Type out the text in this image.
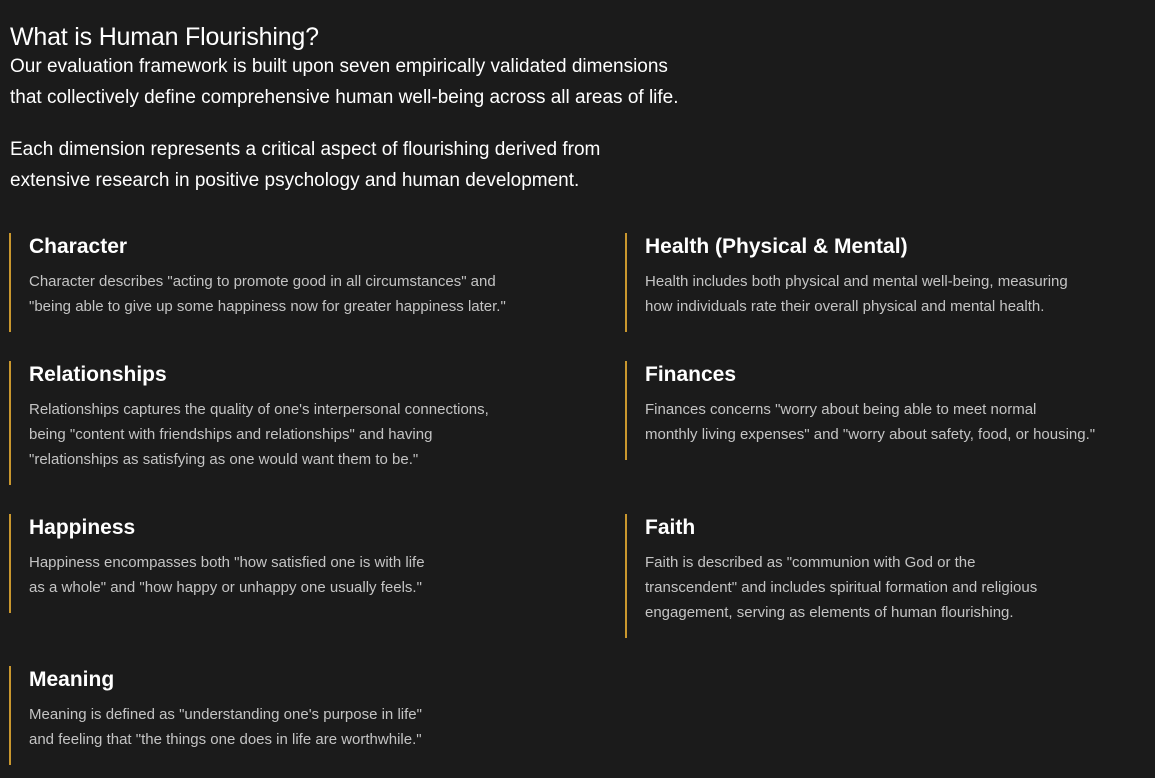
What is Human Flourishing?

Our evaluation framework is built upon seven empirically validated dimensions
that collectively define comprehensive human well-being across all areas of life.

Each dimension represents a critical aspect of flourishing derived from
extensive research in positive psychology and human development.

Character
Character describes "acting to promote good in all circumstances" and
"being able to give up some happiness now for greater happiness later."
Health (Physical & Mental)
Health includes both physical and mental well-being, measuring
how individuals rate their overall physical and mental health.
Relationships
Relationships captures the quality of one's interpersonal connections,
being "content with friendships and relationships" and having
"relationships as satisfying as one would want them to be."
Finances
Finances concerns "worry about being able to meet normal
monthly living expenses" and "worry about safety, food, or housing."
Happiness
Happiness encompasses both "how satisfied one is with life
as a whole" and "how happy or unhappy one usually feels."
Faith
Faith is described as "communion with God or the
transcendent" and includes spiritual formation and religious
engagement, serving as elements of human flourishing.
Meaning
Meaning is defined as "understanding one's purpose in life"
and feeling that "the things one does in life are worthwhile."
